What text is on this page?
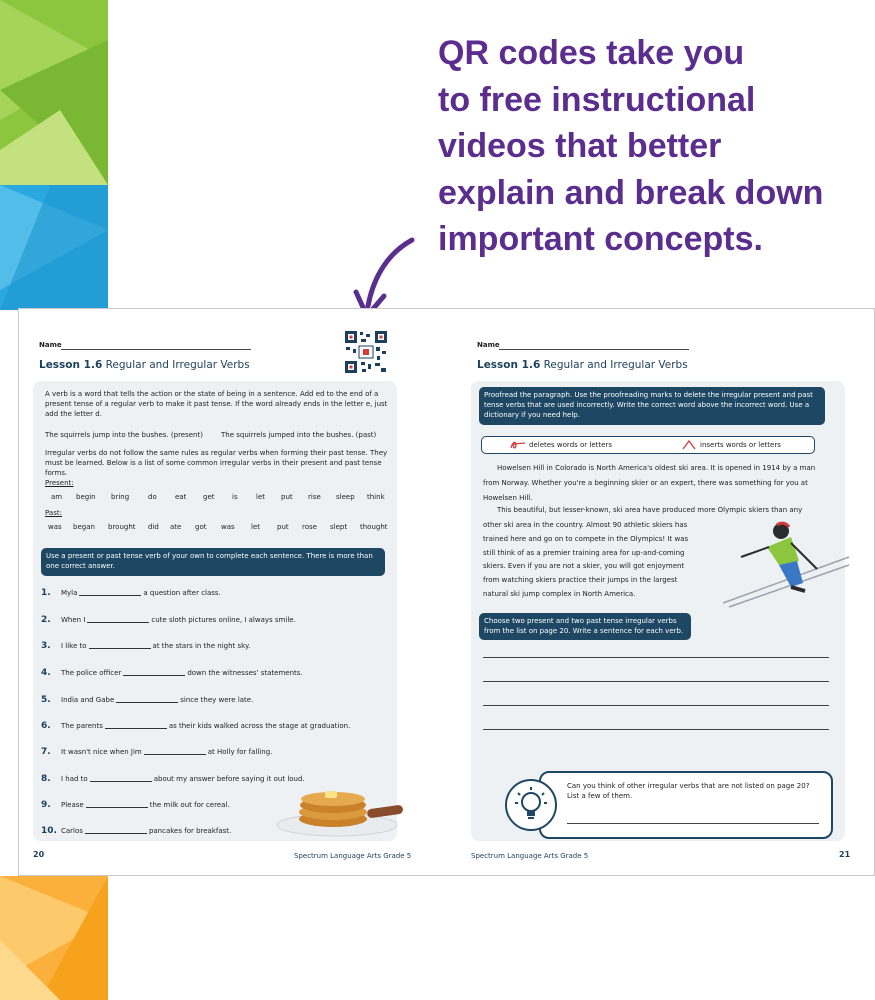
QR codes take you
to free instructional
videos that better
explain and break down
important concepts.
Name
Lesson 1.6 Regular and Irregular Verbs
A verb is a word that tells the action or the state of being in a sentence. Add ed to the end of a present tense of a regular verb to make it past tense. If the word already ends in the letter e, just add the letter d.
The squirrels jump into the bushes. (present)	The squirrels jumped into the bushes. (past)
Irregular verbs do not follow the same rules as regular verbs when forming their past tense. They must be learned. Below is a list of some common irregular verbs in their present and past tense forms.
Present:
am begin bring	do	eat get	is	let put rise sleep think
Past:
was began brought did ate got was let put rose slept thought
Use a present or past tense verb of your own to complete each sentence. There is more than one correct answer.
1. Myla	a question after class.
2. When I	cute sloth pictures online, I always smile.
3. I like to	at the stars in the night sky.
4. The police officer	down the witnesses' statements.
5. India and Gabe	since they were late.
6. The parents	as their kids walked across the stage at graduation.
7. It wasn't nice when Jim	at Holly for falling.
8. I had to	about my answer before saying it out loud.
9. Please	the milk out for cereal.
10. Carlos	pancakes for breakfast.
20	Spectrum Language Arts Grade 5
Name
Lesson 1.6 Regular and Irregular Verbs
Proofread the paragraph. Use the proofreading marks to delete the irregular present and past tense verbs that are used incorrectly. Write the correct word above the incorrect word. Use a dictionary if you need help.
deletes words or letters	inserts words or letters
Howelsen Hill in Colorado is North America's oldest ski area. It is opened in 1914 by a man from Norway. Whether you're a beginning skier or an expert, there was something for you at Howelsen Hill.
This beautiful, but lesser-known, ski area have produced more Olympic skiers than any
other ski area in the country. Almost 90 athletic skiers has trained here and go on to compete in the Olympics! It was still think of as a premier training area for up-and-coming skiers. Even if you are not a skier, you will got enjoyment from watching skiers practice their jumps in the largest natural ski jump complex in North America.
Choose two present and two past tense irregular verbs from the list on page 20. Write a sentence for each verb.
Can you think of other irregular verbs that are not listed on page 20? List a few of them.
Spectrum Language Arts Grade 5	21
